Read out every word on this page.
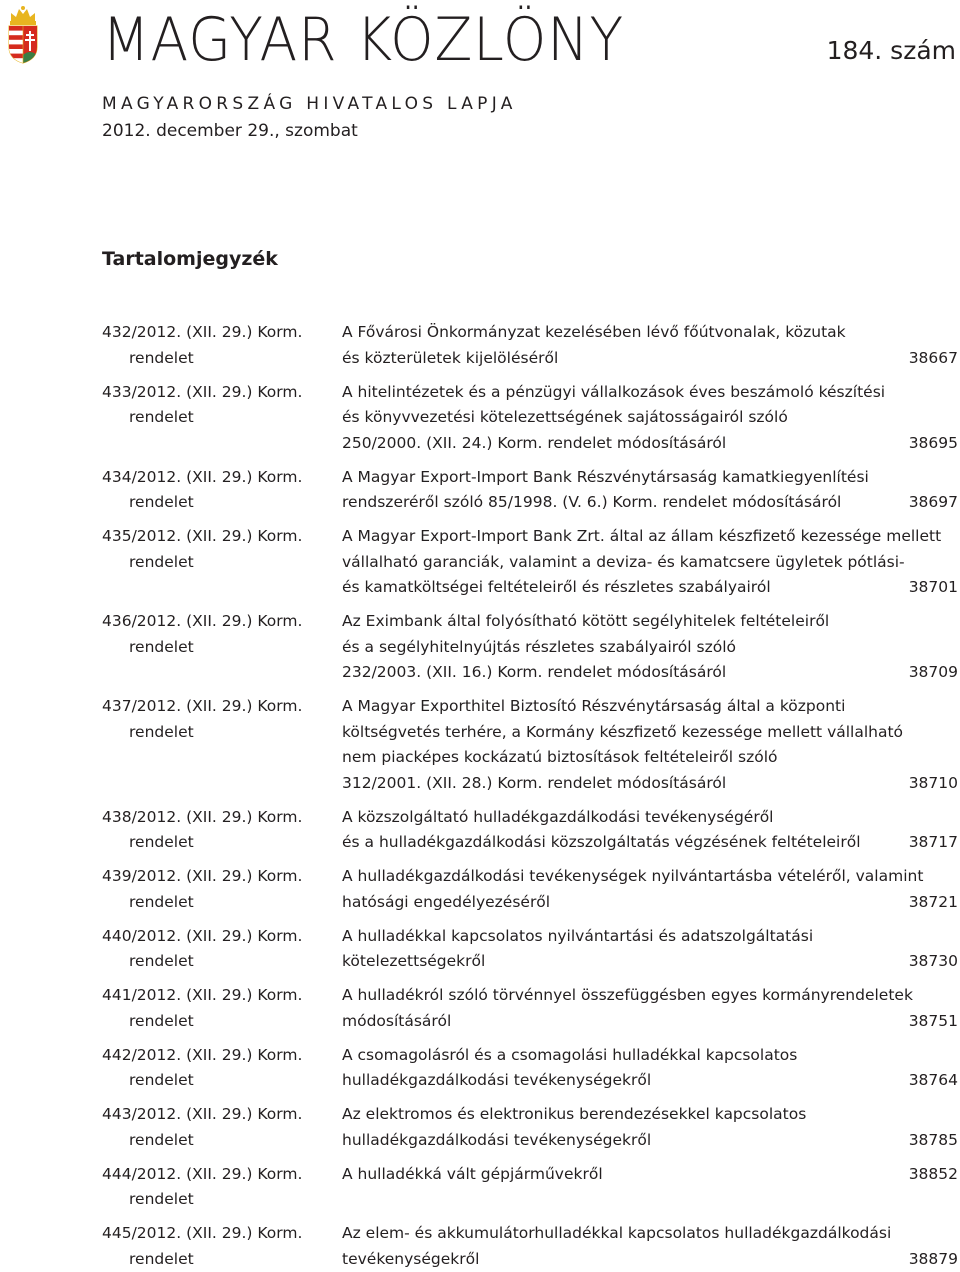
MAGYAR KÖZLÖNY	184. szám
MAGYARORSZÁG HIVATALOS LAPJA
2012. december 29., szombat
Tartalomjegyzék
432/2012. (XII. 29.) Korm.
rendelet
A Fővárosi Önkormányzat kezelésében lévő főútvonalak, közutak
és közterületek kijelöléséről	38667
433/2012. (XII. 29.) Korm.
rendelet
A hitelintézetek és a pénzügyi vállalkozások éves beszámoló készítési
és könyvvezetési kötelezettségének sajátosságairól szóló
250/2000. (XII. 24.) Korm. rendelet módosításáról	38695
434/2012. (XII. 29.) Korm.
rendelet
A Magyar Export-Import Bank Részvénytársaság kamatkiegyenlítési
rendszeréről szóló 85/1998. (V. 6.) Korm. rendelet módosításáról	38697
435/2012. (XII. 29.) Korm.
rendelet
A Magyar Export-Import Bank Zrt. által az állam készfizető kezessége mellett
vállalható garanciák, valamint a deviza- és kamatcsere ügyletek pótlási-
és kamatköltségei feltételeiről és részletes szabályairól	38701
436/2012. (XII. 29.) Korm.
rendelet
Az Eximbank által folyósítható kötött segélyhitelek feltételeiről
és a segélyhitelnyújtás részletes szabályairól szóló
232/2003. (XII. 16.) Korm. rendelet módosításáról	38709
437/2012. (XII. 29.) Korm.
rendelet
A Magyar Exporthitel Biztosító Részvénytársaság által a központi
költségvetés terhére, a Kormány készfizető kezessége mellett vállalható
nem piacképes kockázatú biztosítások feltételeiről szóló
312/2001. (XII. 28.) Korm. rendelet módosításáról	38710
438/2012. (XII. 29.) Korm.
rendelet
A közszolgáltató hulladékgazdálkodási tevékenységéről
és a hulladékgazdálkodási közszolgáltatás végzésének feltételeiről	38717
439/2012. (XII. 29.) Korm.
rendelet
A hulladékgazdálkodási tevékenységek nyilvántartásba vételéről, valamint
hatósági engedélyezéséről	38721
440/2012. (XII. 29.) Korm.
rendelet
A hulladékkal kapcsolatos nyilvántartási és adatszolgáltatási
kötelezettségekről	38730
441/2012. (XII. 29.) Korm.
rendelet
A hulladékról szóló törvénnyel összefüggésben egyes kormányrendeletek
módosításáról	38751
442/2012. (XII. 29.) Korm.
rendelet
A csomagolásról és a csomagolási hulladékkal kapcsolatos
hulladékgazdálkodási tevékenységekről	38764
443/2012. (XII. 29.) Korm.
rendelet
Az elektromos és elektronikus berendezésekkel kapcsolatos
hulladékgazdálkodási tevékenységekről	38785
444/2012. (XII. 29.) Korm.
rendelet
A hulladékká vált gépjárművekről	38852
445/2012. (XII. 29.) Korm.
rendelet
Az elem- és akkumulátorhulladékkal kapcsolatos hulladékgazdálkodási
tevékenységekről	38879
